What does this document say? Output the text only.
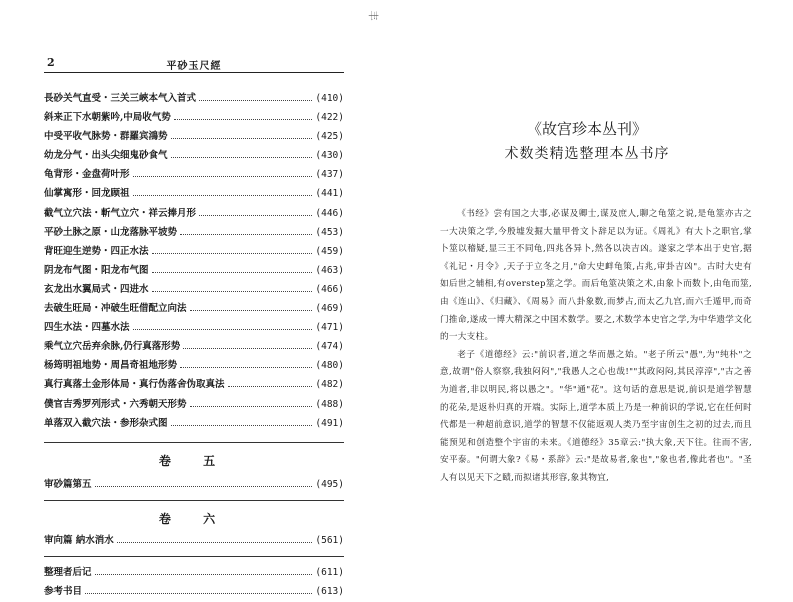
2	平砂玉尺經
長砂关气直受・三关三峽本气入首式	(410)
斜来正下水朝紫吟,中局收气势	(422)
中受平收气脉势・群羅宾鴻势	(425)
幼龙分气・出头尖细鬼砂食气	(430)
龟背形・金盘荷叶形	(437)
仙掌寓形・回龙顾祖	(441)
截气立穴法・斬气立穴・祥云捧月形	(446)
平砂土脉之原・山龙落脉平坡势	(453)
背旺迎生逆势・四正水法	(459)
阴龙布气图・阳龙布气图	(463)
玄龙出水翼局式・四进水	(466)
去破生旺局・冲破生旺借配立向法	(469)
四生水法・四墓水法	(471)
乘气立穴岳弃余脉,仍行真落形势	(474)
杨筠明祖地势・周昌奇祖地形势	(480)
真行真落土金形体局・真行伪落舍伪取真法	(482)
僕官吉秀罗列形式・六秀朝天形势	(488)
单落双入截穴法・参形杂式图	(491)
卷 五
审砂篇第五	(495)
卷 六
审向篇 納水消水	(561)
整理者后记	(611)
参考书目	(613)
丰
《故宫珍本丛刊》
术数类精选整理本丛书序

《书经》尝有国之大事,必谋及卿士,谋及庶人,聊之龟筮之说,是龟筮亦古之一大决策之学,今殷墟发掘大量甲骨文卜辞足以为证。《周礼》有大卜之职官,掌卜筮以稽疑,显三王不同龟,四兆各异卜,然各以决吉凶。遂家之学本出于史官,据《礼记・月令》,天子于立冬之月,"命大史衅龟策,占兆,审卦吉凶"。古时大史有如后世之辅相,有overstep筮之学。而后龟筮决策之术,由象卜而数卜,由龟而筮,由《连山》、《归藏》、《周易》而八卦象数,而梦占,而太乙九宫,而六壬遁甲,而奇门推命,遂成一博大精深之中国术数学。要之,术数学本史官之学,为中华遗学文化的一大支柱。

老子《道德经》云:"前识者,道之华而愚之始。"老子所云"愚",为"纯朴"之意,故谓"俗人察察,我独闷闷","我愚人之心也哉!""其政闷闷,其民淳淳","古之善为道者,非以明民,将以愚之"。"华"通"花"。这句话的意思是说,前识是道学智慧的花朵,是返朴归真的开端。实际上,道学本质上乃是一种前识的学说,它在任何时代都是一种超前意识,道学的智慧不仅能返观人类乃至宇宙创生之初的过去,而且能预见和创造整个宇宙的未来。《道德经》35章云:"执大象,天下往。往而不害,安平泰。"何谓大象?《易・系辞》云:"是故易者,象也","象也者,像此者也"。"圣人有以见天下之赜,而拟诸其形容,象其物宜,
